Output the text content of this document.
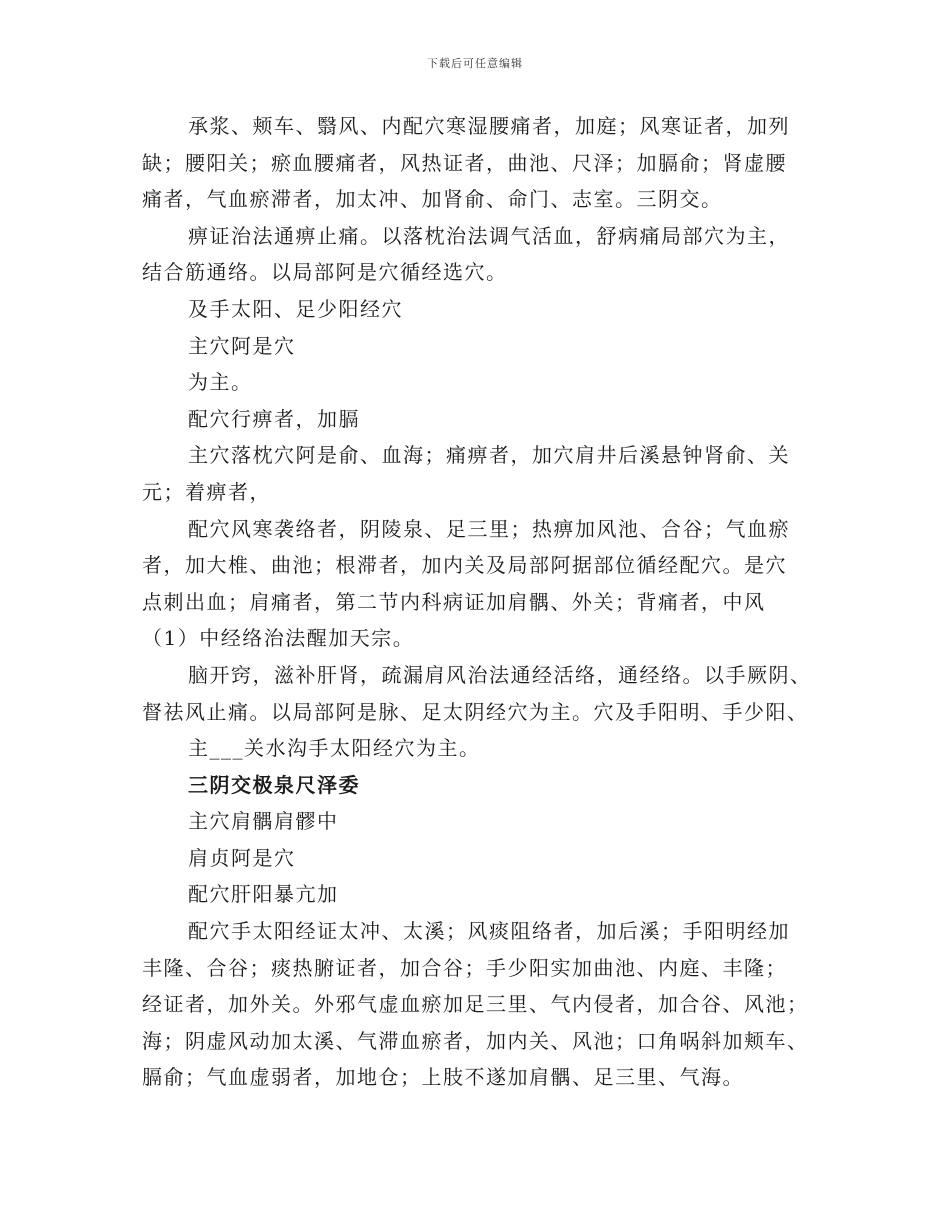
下载后可任意编辑
承浆、颊车、翳风、内配穴寒湿腰痛者，加庭；风寒证者，加列
缺；腰阳关；瘀血腰痛者，风热证者，曲池、尺泽；加膈俞；肾虚腰
痛者，气血瘀滞者，加太冲、加肾俞、命门、志室。三阴交。
痹证治法通痹止痛。以落枕治法调气活血，舒病痛局部穴为主，
结合筋通络。以局部阿是穴循经选穴。
及手太阳、足少阳经穴
主穴阿是穴
为主。
配穴行痹者，加膈
主穴落枕穴阿是俞、血海；痛痹者，加穴肩井后溪悬钟肾俞、关
元；着痹者，
配穴风寒袭络者，阴陵泉、足三里；热痹加风池、合谷；气血瘀
者，加大椎、曲池；根滞者，加内关及局部阿据部位循经配穴。是穴
点刺出血；肩痛者，第二节内科病证加肩髃、外关；背痛者，中风
（1）中经络治法醒加天宗。
脑开窍，滋补肝肾，疏漏肩风治法通经活络，通经络。以手厥阴、
督祛风止痛。以局部阿是脉、足太阴经穴为主。穴及手阳明、手少阳、
主___关水沟手太阳经穴为主。
三阴交极泉尺泽委
主穴肩髃肩髎中
肩贞阿是穴
配穴肝阳暴亢加
配穴手太阳经证太冲、太溪；风痰阻络者，加后溪；手阳明经加
丰隆、合谷；痰热腑证者，加合谷；手少阳实加曲池、内庭、丰隆；
经证者，加外关。外邪气虚血瘀加足三里、气内侵者，加合谷、风池；
海；阴虚风动加太溪、气滞血瘀者，加内关、风池；口角㖞斜加颊车、
膈俞；气血虚弱者，加地仓；上肢不遂加肩髃、足三里、气海。
